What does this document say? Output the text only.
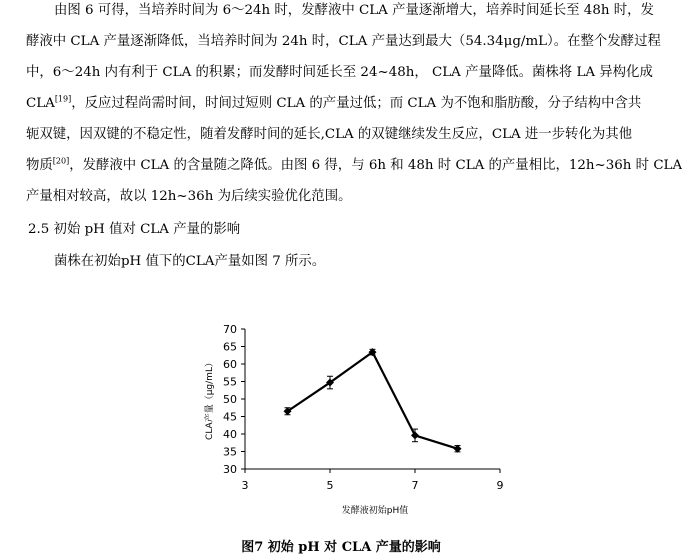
由图 6 可得，当培养时间为 6～24h 时，发酵液中 CLA 产量逐渐增大，培养时间延长至 48h 时，发
酵液中 CLA 产量逐渐降低，当培养时间为 24h 时，CLA 产量达到最大（54.34μg/mL）。在整个发酵过程
中，6～24h 内有利于 CLA 的积累；而发酵时间延长至 24~48h， CLA 产量降低。菌株将 LA 异构化成
CLA[19]，反应过程尚需时间，时间过短则 CLA 的产量过低；而 CLA 为不饱和脂肪酸，分子结构中含共
轭双键，因双键的不稳定性，随着发酵时间的延长,CLA 的双键继续发生反应，CLA 进一步转化为其他
物质[20]，发酵液中 CLA 的含量随之降低。由图 6 得，与 6h 和 48h 时 CLA 的产量相比，12h~36h 时 CLA
产量相对较高，故以 12h~36h 为后续实验优化范围。
2.5 初始 pH 值对 CLA 产量的影响
菌株在初始pH 值下的CLA产量如图 7 所示。
30
35
40
45
50
55
60
65
70
3	5	7	9
发酵液初始pH值
CLA产量（μg/mL）
图7 初始 pH 对 CLA 产量的影响
